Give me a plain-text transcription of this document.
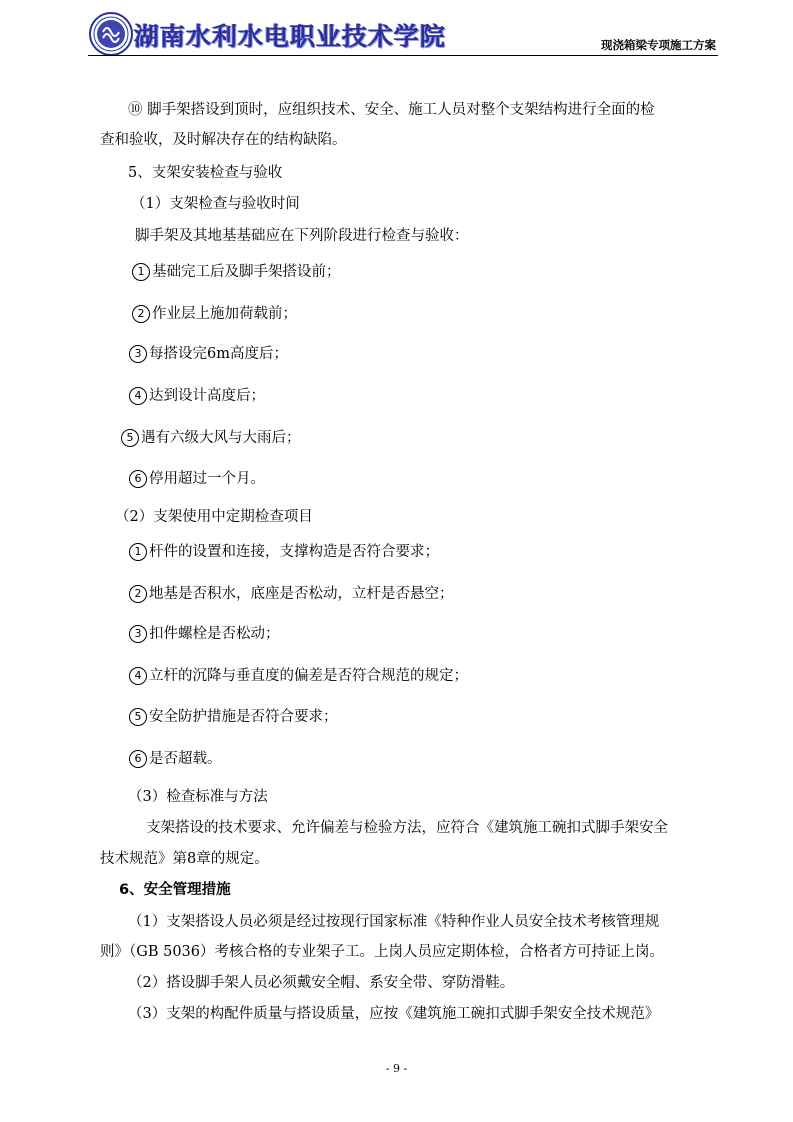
湖南水利水电职业技术学院	现浇箱梁专项施工方案
⑩ 脚手架搭设到顶时，应组织技术、安全、施工人员对整个支架结构进行全面的检
查和验收，及时解决存在的结构缺陷。
5、支架安装检查与验收
（1）支架检查与验收时间
脚手架及其地基基础应在下列阶段进行检查与验收：
1 基础完工后及脚手架搭设前；
2 作业层上施加荷载前；
3 每搭设完6m高度后；
4 达到设计高度后；
5 遇有六级大风与大雨后；
6 停用超过一个月。
（2）支架使用中定期检查项目
1 杆件的设置和连接，支撑构造是否符合要求；
2 地基是否积水，底座是否松动，立杆是否悬空；
3 扣件螺栓是否松动；
4 立杆的沉降与垂直度的偏差是否符合规范的规定；
5 安全防护措施是否符合要求；
6 是否超载。
（3）检查标准与方法
支架搭设的技术要求、允许偏差与检验方法，应符合《建筑施工碗扣式脚手架安全
技术规范》第8章的规定。
6、安全管理措施
（1）支架搭设人员必须是经过按现行国家标准《特种作业人员安全技术考核管理规
则》（GB 5036）考核合格的专业架子工。上岗人员应定期体检，合格者方可持证上岗。
（2）搭设脚手架人员必须戴安全帽、系安全带、穿防滑鞋。
（3）支架的构配件质量与搭设质量，应按《建筑施工碗扣式脚手架安全技术规范》
- 9 -
